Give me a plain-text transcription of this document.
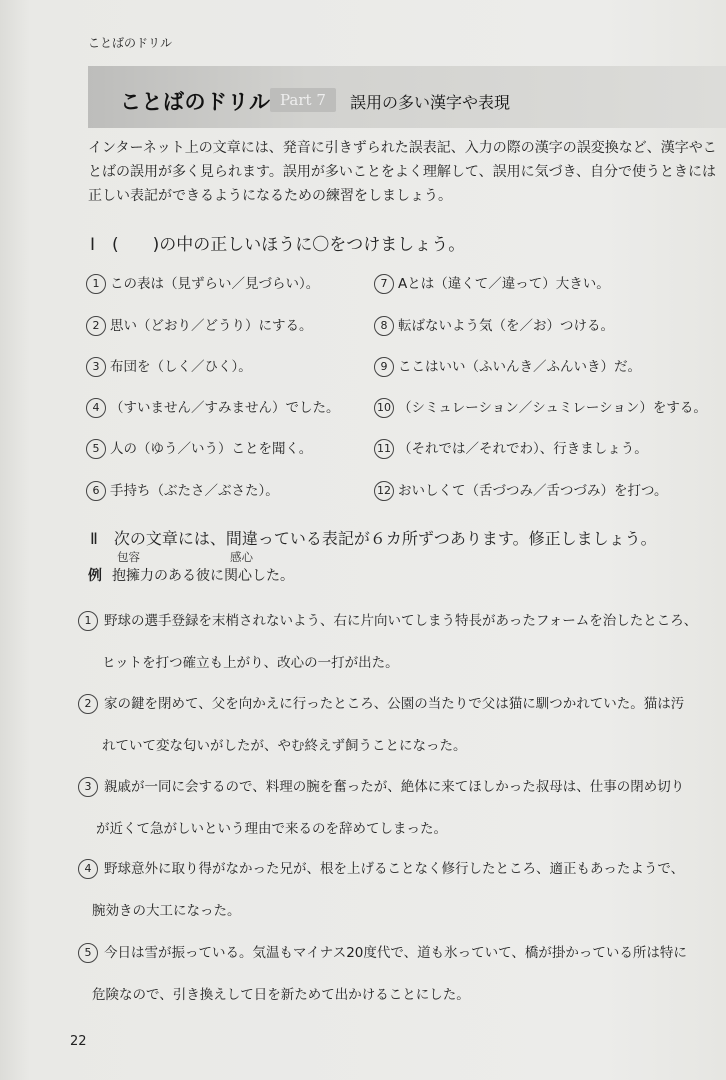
ことばのドリル
ことばのドリル Part 7	誤用の多い漢字や表現
インターネット上の文章には、発音に引きずられた誤表記、入力の際の漢字の誤変換など、漢字やこ
とばの誤用が多く見られます。誤用が多いことをよく理解して、誤用に気づき、自分で使うときには
正しい表記ができるようになるための練習をしましょう。
Ⅰ　(　　)の中の正しいほうに〇をつけましょう。
1 この表は（見ずらい／見づらい）。
2 思い（どおり／どうり）にする。
3 布団を（しく／ひく）。
4 （すいません／すみません）でした。
5 人の（ゆう／いう）ことを聞く。
6 手持ち（ぶたさ／ぶさた）。
7 Aとは（違くて／違って）大きい。
8 転ばないよう気（を／お）つける。
9 ここはいい（ふいんき／ふんいき）だ。
10 （シミュレーション／シュミレーション）をする。
11 （それでは／それでわ）、行きましょう。
12 おいしくて（舌づつみ／舌つづみ）を打つ。
Ⅱ　次の文章には、間違っている表記が６カ所ずつあります。修正しましょう。
包容	感心
例 抱擁力のある彼に関心した。
1 野球の選手登録を末梢されないよう、右に片向いてしまう特長があったフォームを治したところ、
ヒットを打つ確立も上がり、改心の一打が出た。
2 家の鍵を閉めて、父を向かえに行ったところ、公園の当たりで父は猫に馴つかれていた。猫は汚
れていて変な匂いがしたが、やむ終えず飼うことになった。
3 親戚が一同に会するので、料理の腕を奮ったが、絶体に来てほしかった叔母は、仕事の閉め切り
が近くて急がしいという理由で来るのを辞めてしまった。
4 野球意外に取り得がなかった兄が、根を上げることなく修行したところ、適正もあったようで、
腕効きの大工になった。
5 今日は雪が振っている。気温もマイナス20度代で、道も氷っていて、橋が掛かっている所は特に
危険なので、引き換えして日を新ためて出かけることにした。
22
